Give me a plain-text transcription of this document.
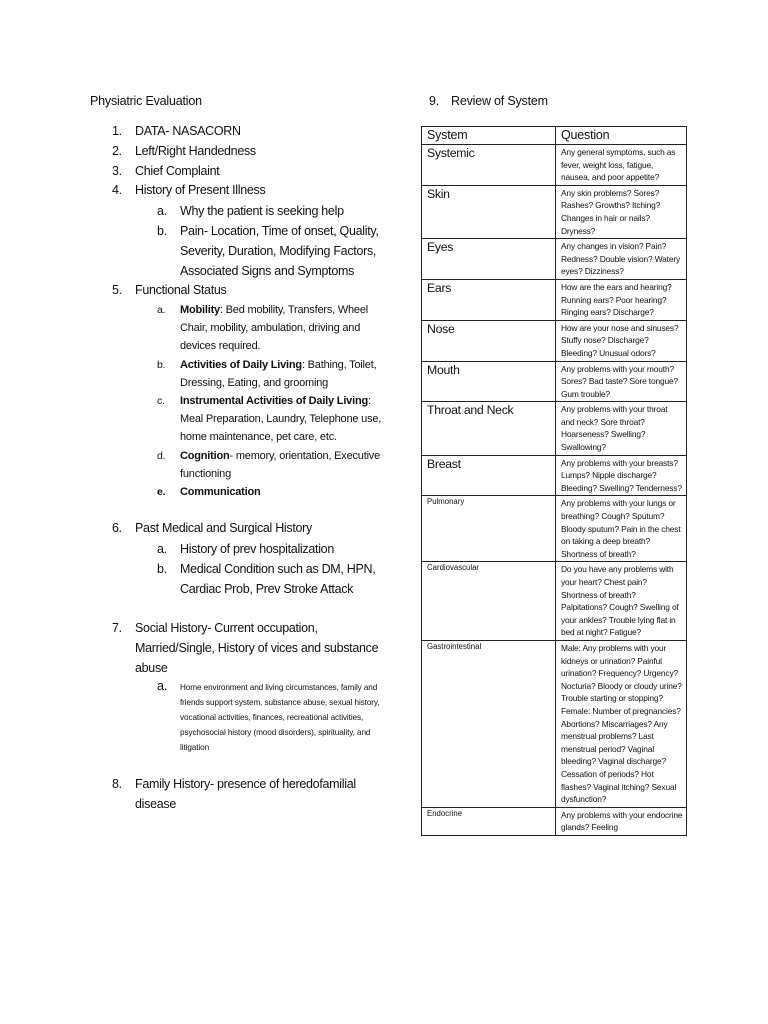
Physiatric Evaluation

1. DATA- NASACORN
2. Left/Right Handedness
3. Chief Complaint
4. History of Present Illness
a. Why the patient is seeking help
b. Pain- Location, Time of onset, Quality, Severity, Duration, Modifying Factors, Associated Signs and Symptoms
5. Functional Status
a. Mobility: Bed mobility, Transfers, Wheel Chair, mobility, ambulation, driving and devices required.
b. Activities of Daily Living: Bathing, Toilet, Dressing, Eating, and grooming
c. Instrumental Activities of Daily Living: Meal Preparation, Laundry, Telephone use, home maintenance, pet care, etc.
d. Cognition- memory, orientation, Executive functioning
e. Communication
6. Past Medical and Surgical History
a. History of prev hospitalization
b. Medical Condition such as DM, HPN, Cardiac Prob, Prev Stroke Attack
7. Social History- Current occupation, Married/Single, History of vices and substance abuse
a. Home environment and living circumstances, family and friends support system, substance abuse, sexual history, vocational activities, finances, recreational activities, psychosocial history (mood disorders), spirituality, and litigation
8. Family History- presence of heredofamilial disease

9. Review of System

System	Question
Systemic	Any general symptoms, such as fever, weight loss, fatigue, nausea, and poor appetite?
Skin	Any skin problems? Sores? Rashes? Growths? Itching? Changes in hair or nails? Dryness?
Eyes	Any changes in vision? Pain? Redness? Double vision? Watery eyes? Dizziness?
Ears	How are the ears and hearing? Running ears? Poor hearing? Ringing ears? Discharge?
Nose	How are your nose and sinuses? Stuffy nose? Discharge? Bleeding? Unusual odors?
Mouth	Any problems with your mouth? Sores? Bad taste? Sore tongue? Gum trouble?
Throat and Neck	Any problems with your throat and neck? Sore throat? Hoarseness? Swelling? Swallowing?
Breast	Any problems with your breasts? Lumps? Nipple discharge? Bleeding? Swelling? Tenderness?
Pulmonary	Any problems with your lungs or breathing? Cough? Sputum? Bloody sputum? Pain in the chest on taking a deep breath? Shortness of breath?
Cardiovascular	Do you have any problems with your heart? Chest pain? Shortness of breath? Palpitations? Cough? Swelling of your ankles? Trouble lying flat in bed at night? Fatigue?
Gastrointestinal	Male: Any problems with your kidneys or urination? Painful urination? Frequency? Urgency? Nocturia? Bloody or cloudy urine? Trouble starting or stopping? Female: Number of pregnancies? Abortions? Miscarriages? Any menstrual problems? Last menstrual period? Vaginal bleeding? Vaginal discharge? Cessation of periods? Hot flashes? Vaginal itching? Sexual dysfunction?
Endocrine	Any problems with your endocrine glands? Feeling
